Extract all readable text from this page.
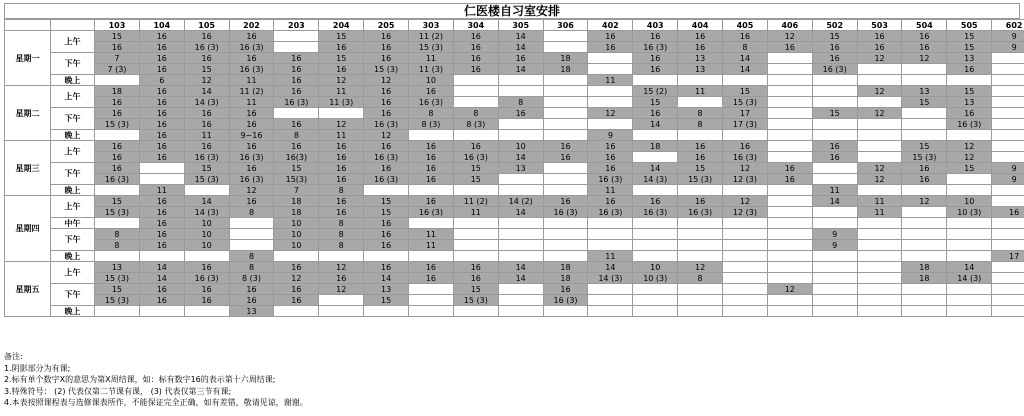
仁医楼自习室安排
		103	104	105	202	203	204	205	303	304	305	306	402	403	404	405	406	502	503	504	505	602
星期一	上午	15	16	16	16		15	16	11 (2)	16	14		16	16	16	16	12	15	16	16	15	9
		16	16	16 (3)	16 (3)		16	16	15 (3)	16	14		16	16 (3)	16	8	16	16	16	16	15	9
	下午	7	16	16	16	16	15	16	11	16	16	18		16	13	14		16	12	12	13	
		7 (3)	16	15	16 (3)	16	16	15 (3)	11 (3)	16	14	18		16	13	14		16 (3)			16	
	晚上		6	12	11	16	12	12	10				11									
星期二	上午	18	16	14	11 (2)	16	11	16	16					15 (2)	11	15			12	13	15	
		16	16	14 (3)	11	16 (3)	11 (3)	16	16 (3)		8			15		15 (3)				15	13	
	下午	16	16	16	16			16	8	8	16		12	16	8	17		15	12		16	
		15 (3)	16	16	16	16	12	16 (3)	8 (3)	8 (3)				14	8	17 (3)					16 (3)	
	晚上		16	11	9~16	8	11	12					9									
星期三	上午	16	16	16	16	16	16	16	16	16	10	16	16	18	16	16		16		15	12	
		16	16	16 (3)	16 (3)	16(3)	16	16 (3)	16	16 (3)	14	16	16		16	16 (3)		16		15 (3)	12	
	下午	16		15	16	15	16	16	16	15	13		16	14	15	12	16		12	16	15	9
		16 (3)		15 (3)	16 (3)	15(3)	16	16 (3)	16	15			16 (3)	14 (3)	15 (3)	12 (3)	16		12	16		9
	晚上		11		12	7	8						11					11				
星期四	上午	15	16	14	16	18	16	15	16	11 (2)	14 (2)	16	16	16	16	12		14	11	12	10	
		15 (3)	16	14 (3)	8	18	16	15	16 (3)	11	14	16 (3)	16 (3)	16 (3)	16 (3)	12 (3)			11		10 (3)	16
	中午		16	10		10	8	16														
	下午	8	16	10		10	8	16	11									9				
		8	16	10		10	8	16	11									9				
	晚上				8								11									17
星期五	上午	13	14	16	8	16	12	16	16	16	14	18	14	10	12					18	14	
		15 (3)	14	16 (3)	8 (3)	12	16	14	16	16	14	18	14 (3)	10 (3)	8					18	14 (3)	
	下午	15	16	16	16	16	12	13		15		16					12					
		15 (3)	16	16	16	16		15		15 (3)		16 (3)										
	晚上				13																	
备注:
1.阴影部分为有课;
2.标有单个数字X的意思为第X周结课，如：标有数字16的表示第十六周结课;
3.特殊符号： (2) 代表仅第二节课有课， (3) 代表仅第三节有课;
4.本表按照课程表与选修课表所作，不能保证完全正确，如有差错，敬请见谅，谢谢。
